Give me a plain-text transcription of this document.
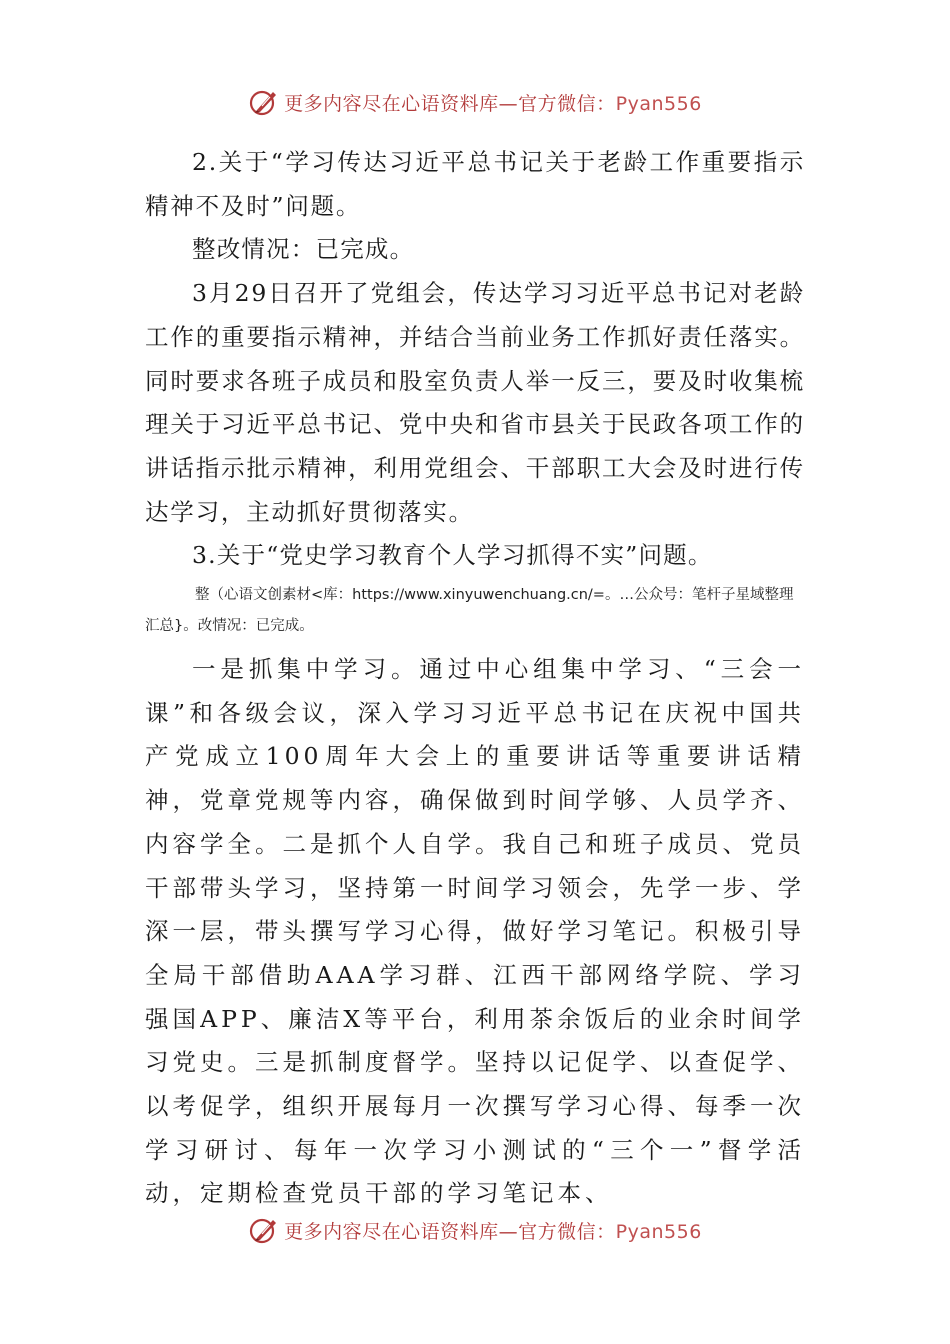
更多内容尽在心语资料库—官方微信：Pyan556

2.关于“学习传达习近平总书记关于老龄工作重要指示精神不及时”问题。

整改情况：已完成。

3月29日召开了党组会，传达学习习近平总书记对老龄工作的重要指示精神，并结合当前业务工作抓好责任落实。同时要求各班子成员和股室负责人举一反三，要及时收集梳理关于习近平总书记、党中央和省市县关于民政各项工作的讲话指示批示精神，利用党组会、干部职工大会及时进行传达学习，主动抓好贯彻落实。

3.关于“党史学习教育个人学习抓得不实”问题。

整（心语文创素材<库：https://www.xinyuwenchuang.cn/=。…公众号：笔杆子星域整理汇总}。改情况：已完成。

一是抓集中学习。通过中心组集中学习、“三会一课”和各级会议，深入学习习近平总书记在庆祝中国共产党成立100周年大会上的重要讲话等重要讲话精神，党章党规等内容，确保做到时间学够、人员学齐、内容学全。二是抓个人自学。我自己和班子成员、党员干部带头学习，坚持第一时间学习领会，先学一步、学深一层，带头撰写学习心得，做好学习笔记。积极引导全局干部借助AAA学习群、江西干部网络学院、学习强国APP、廉洁X等平台，利用茶余饭后的业余时间学习党史。三是抓制度督学。坚持以记促学、以查促学、以考促学，组织开展每月一次撰写学习心得、每季一次学习研讨、每年一次学习小测试的“三个一”督学活动，定期检查党员干部的学习笔记本、

更多内容尽在心语资料库—官方微信：Pyan556
